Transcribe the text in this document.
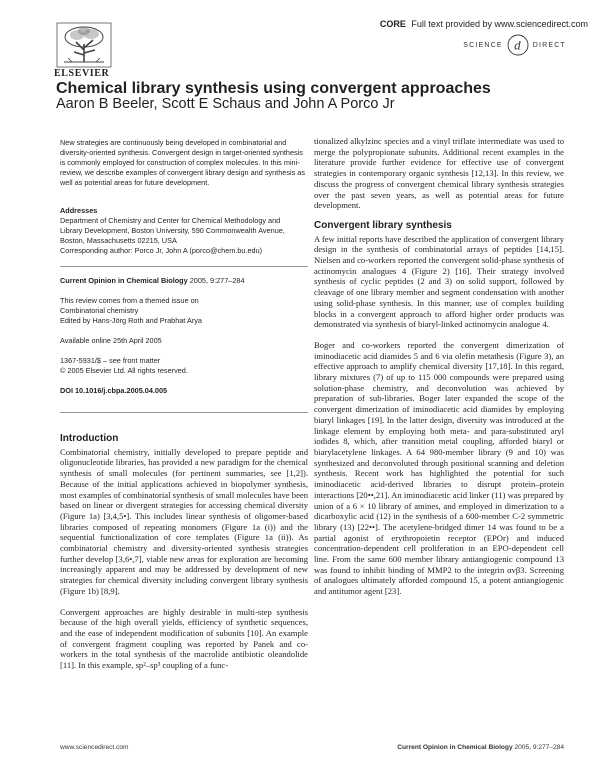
CORE Full text provided by www.sciencedirect.com
ELSEVIER
SCIENCE d DIRECT
Chemical library synthesis using convergent approaches
Aaron B Beeler, Scott E Schaus and John A Porco Jr

New strategies are continuously being developed in combinatorial and diversity-oriented synthesis. Convergent design in target-oriented synthesis is commonly employed for construction of complex molecules. In this mini-review, we describe examples of convergent library design and synthesis as well as potential areas for future development.

Addresses

Department of Chemistry and Center for Chemical Methodology and

Library Development, Boston University, 590 Commonwealth Avenue,

Boston, Massachusetts 02215, USA

Corresponding author: Porco Jr, John A (porco@chem.bu.edu)

Current Opinion in Chemical Biology 2005, 9:277–284

This review comes from a themed issue on

Combinatorial chemistry

Edited by Hans-Jörg Roth and Prabhat Arya

Available online 25th April 2005

1367-5931/$ – see front matter

© 2005 Elsevier Ltd. All rights reserved.

DOI 10.1016/j.cbpa.2005.04.005

Introduction

Combinatorial chemistry, initially developed to prepare peptide and oligonucleotide libraries, has provided a new paradigm for the chemical synthesis of small molecules (for pertinent summaries, see [1,2]). Because of the initial applications achieved in biopolymer synthesis, most examples of combinatorial synthesis of small molecules have been based on linear or divergent strategies for accessing chemical diversity (Figure 1a) [3,4,5•]. This includes linear synthesis of oligomer-based libraries composed of repeating monomers (Figure 1a (i)) and the sequential functionalization of core templates (Figure 1a (ii)). As combinatorial chemistry and diversity-oriented synthesis strategies further develop [3,6•,7], viable new areas for exploration are becoming increasingly apparent and may be addressed by development of new strategies for chemical diversity including convergent library synthesis (Figure 1b) [8,9].

Convergent approaches are highly desirable in multi-step synthesis because of the high overall yields, efficiency of synthetic sequences, and the ease of independent modification of subunits [10]. An example of convergent fragment coupling was reported by Panek and co-workers in the total synthesis of the macrolide antibiotic oleandolide [11]. In this example, sp²–sp³ coupling of a func-

tionalized alkylzinc species and a vinyl triflate intermediate was used to merge the polypropionate subunits. Additional recent examples in the literature provide further evidence for effective use of convergent strategies in contemporary organic synthesis [12,13]. In this review, we discuss the progress of convergent chemical library synthesis strategies over the past seven years, as well as potential areas for future development.

Convergent library synthesis

A few initial reports have described the application of convergent library design in the synthesis of combinatorial arrays of peptides [14,15]. Nielsen and co-workers reported the convergent solid-phase synthesis of actinomycin analogues 4 (Figure 2) [16]. Their strategy involved synthesis of cyclic peptides (2 and 3) on solid support, followed by cleavage of one library member and segment condensation with another using solid-phase synthesis. In this manner, use of complex building blocks in a convergent approach to afford higher order products was demonstrated via synthesis of biaryl-linked actinomycin analogue 4.

Boger and co-workers reported the convergent dimerization of iminodiacetic acid diamides 5 and 6 via olefin metathesis (Figure 3), an effective approach to amplify chemical diversity [17,18]. In this regard, library mixtures (7) of up to 115 000 compounds were prepared using solution-phase chemistry, and deconvolution was achieved by preparation of sub-libraries. Boger later expanded the scope of the convergent dimerization of iminodiacetic acid diamides by employing biaryl linkages [19]. In the latter design, diversity was introduced at the linkage element by employing both meta- and para-substituted aryl iodides 8, which, after transition metal coupling, afforded biaryl or biarylacetylene linkages. A 64 980-member library (9 and 10) was synthesized and deconvoluted through positional scanning and deletion synthesis. Recent work has highlighted the potential for such iminodiacetic acid-derived libraries to disrupt protein–protein interactions [20••,21]. An iminodiacetic acid linker (11) was prepared by union of a 6 × 10 library of amines, and employed in dimerization to a dicarboxylic acid (12) in the synthesis of a 600-member C-2 symmetric library (13) [22••]. The acetylene-bridged dimer 14 was found to be a partial agonist of erythropoietin receptor (EPOr) and induced concentration-dependent cell proliferation in an EPO-dependent cell line. From the same 600 member library antiangiogenic compound 13 was found to inhibit binding of MMP2 to the integrin αvβ3. Screening of analogues ultimately afforded compound 15, a potent antiangiogenic and antitumor agent [23].

www.sciencedirect.com	Current Opinion in Chemical Biology 2005, 9:277–284
